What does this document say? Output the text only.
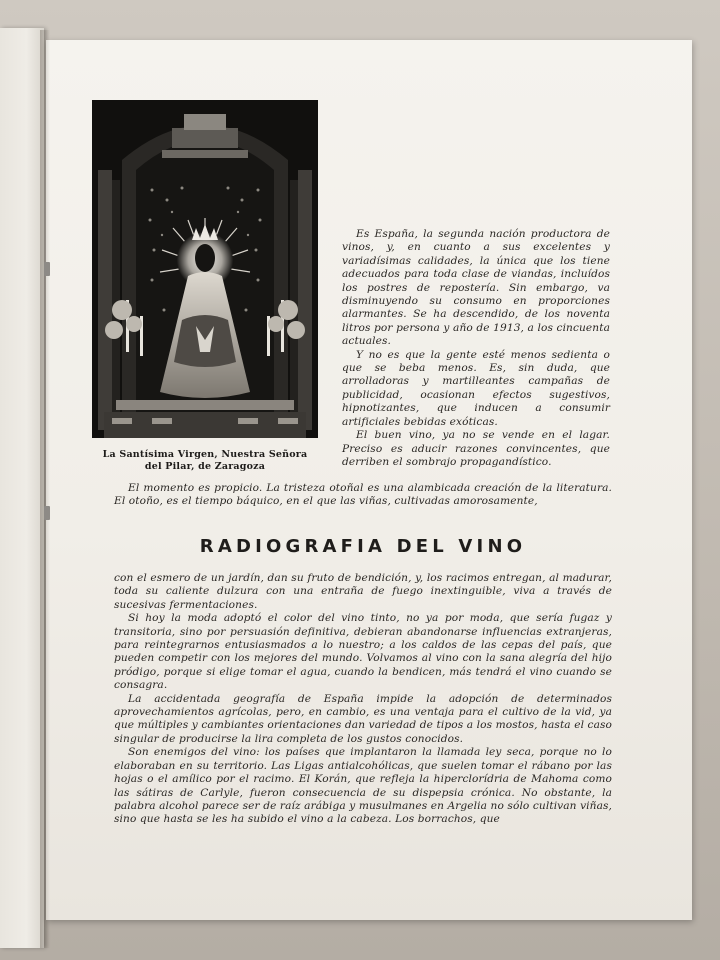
La Santísima Virgen, Nuestra Señora
del Pilar, de Zaragoza

Es España, la segunda nación productora de vinos, y, en cuanto a sus excelentes y variadísimas calidades, la única que los tiene adecuados para toda clase de viandas, incluídos los postres de repostería. Sin embargo, va disminuyendo su consumo en proporciones alarmantes. Se ha descendido, de los noventa litros por persona y año de 1913, a los cincuenta actuales.

Y no es que la gente esté menos sedienta o que se beba menos. Es, sin duda, que arrolladoras y martilleantes campañas de publicidad, ocasionan efectos sugestivos, hipnotizantes, que inducen a consumir artificiales bebidas exóticas.

El buen vino, ya no se vende en el lagar. Preciso es aducir razones convincentes, que derriben el sombrajo propagandístico.

El momento es propicio. La tristeza otoñal es una alambicada creación de la literatura. El otoño, es el tiempo báquico, en el que las viñas, cultivadas amorosamente,

RADIOGRAFIA DEL VINO

con el esmero de un jardín, dan su fruto de bendición, y, los racimos entregan, al madurar, toda su caliente dulzura con una entraña de fuego inextinguible, viva a través de sucesivas fermentaciones.

Si hoy la moda adoptó el color del vino tinto, no ya por moda, que sería fugaz y transitoria, sino por persuasión definitiva, debieran abandonarse influencias extranjeras, para reintegrarnos entusiasmados a lo nuestro; a los caldos de las cepas del país, que pueden competir con los mejores del mundo. Volvamos al vino con la sana alegría del hijo pródigo, porque si elige tomar el agua, cuando la bendicen, más tendrá el vino cuando se consagra.

La accidentada geografía de España impide la adopción de determinados aprovechamientos agrícolas, pero, en cambio, es una ventaja para el cultivo de la vid, ya que múltiples y cambiantes orientaciones dan variedad de tipos a los mostos, hasta el caso singular de producirse la lira completa de los gustos conocidos.

Son enemigos del vino: los países que implantaron la llamada ley seca, porque no lo elaboraban en su territorio. Las Ligas antialcohólicas, que suelen tomar el rábano por las hojas o el amílico por el racimo. El Korán, que refleja la hiperclorídria de Mahoma como las sátiras de Carlyle, fueron consecuencia de su dispepsia crónica. No obstante, la palabra alcohol parece ser de raíz arábiga y musulmanes en Argelia no sólo cultivan viñas, sino que hasta se les ha subido el vino a la cabeza. Los borrachos, que
